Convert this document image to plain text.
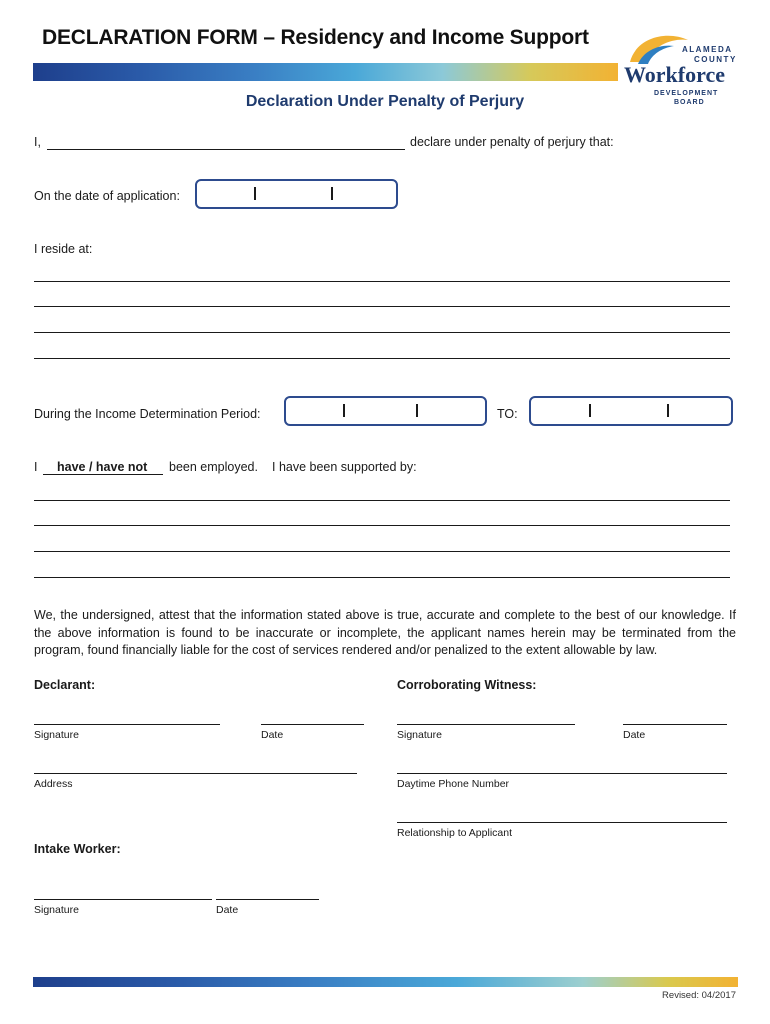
DECLARATION FORM – Residency and Income Support
ALAMEDA
COUNTY
Workforce
DEVELOPMENT
BOARD
Declaration Under Penalty of Perjury
I,	declare under penalty of perjury that:
On the date of application:
I reside at:
During the Income Determination Period:	TO:
I have / have not been employed. I have been supported by:
We, the undersigned, attest that the information stated above is true, accurate and complete to the best of our knowledge. If the above information is found to be inaccurate or incomplete, the applicant names herein may be terminated from the program, found financially liable for the cost of services rendered and/or penalized to the extent allowable by law.
Declarant:
Signature	Date
Address
Corroborating Witness:
Signature	Date
Daytime Phone Number
Relationship to Applicant
Intake Worker:
Signature	Date
Revised: 04/2017
